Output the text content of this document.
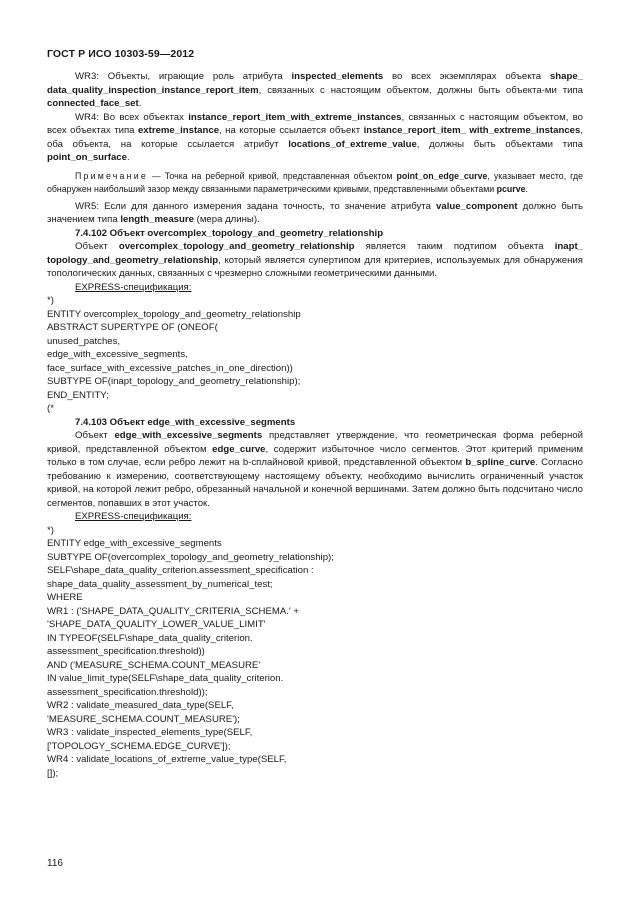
ГОСТ Р ИСО 10303-59—2012

WR3: Объекты, играющие роль атрибута inspected_elements во всех экземплярах объекта shape_ data_quality_inspection_instance_report_item, связанных с настоящим объектом, должны быть объекта-ми типа connected_face_set.

WR4: Во всех объектах instance_report_item_with_extreme_instances, связанных с настоящим объектом, во всех объектах типа extreme_instance, на которые ссылается объект instance_report_item_ with_extreme_instances, оба объекта, на которые ссылается атрибут locations_of_extreme_value, должны быть объектами типа point_on_surface.

Примечание — Точка на реберной кривой, представленная объектом point_on_edge_curve, указывает место, где обнаружен наибольший зазор между связанными параметрическими кривыми, представленными объектами pcurve.

WR5: Если для данного измерения задана точность, то значение атрибута value_component должно быть значением типа length_measure (мера длины).

7.4.102 Объект overcomplex_topology_and_geometry_relationship

Объект overcomplex_topology_and_geometry_relationship является таким подтипом объекта inapt_ topology_and_geometry_relationship, который является супертипом для критериев, используемых для обнаружения топологических данных, связанных с чрезмерно сложными геометрическими данными.

EXPRESS-спецификация:

*)

ENTITY overcomplex_topology_and_geometry_relationship

ABSTRACT SUPERTYPE OF (ONEOF(

unused_patches,

edge_with_excessive_segments,

face_surface_with_excessive_patches_in_one_direction))

SUBTYPE OF(inapt_topology_and_geometry_relationship);

END_ENTITY;

(*

7.4.103 Объект edge_with_excessive_segments

Объект edge_with_excessive_segments представляет утверждение, что геометрическая форма реберной кривой, представленной объектом edge_curve, содержит избыточное число сегментов. Этот критерий применим только в том случае, если ребро лежит на b-сплайновой кривой, представленной объектом b_spline_curve. Согласно требованию к измерению, соответствующему настоящему объекту, необходимо вычислить ограниченный участок кривой, на которой лежит ребро, обрезанный начальной и конечной вершинами. Затем должно быть подсчитано число сегментов, попавших в этот участок.

EXPRESS-спецификация:

*)

ENTITY edge_with_excessive_segments

SUBTYPE OF(overcomplex_topology_and_geometry_relationship);

SELF\shape_data_quality_criterion.assessment_specification :

shape_data_quality_assessment_by_numerical_test;

WHERE

WR1 : ('SHAPE_DATA_QUALITY_CRITERIA_SCHEMA.' +

'SHAPE_DATA_QUALITY_LOWER_VALUE_LIMIT'

IN TYPEOF(SELF\shape_data_quality_criterion.

assessment_specification.threshold))

AND ('MEASURE_SCHEMA.COUNT_MEASURE'

IN value_limit_type(SELF\shape_data_quality_criterion.

assessment_specification.threshold));

WR2 : validate_measured_data_type(SELF,

'MEASURE_SCHEMA.COUNT_MEASURE');

WR3 : validate_inspected_elements_type(SELF,

['TOPOLOGY_SCHEMA.EDGE_CURVE']);

WR4 : validate_locations_of_extreme_value_type(SELF,

[]);

116
